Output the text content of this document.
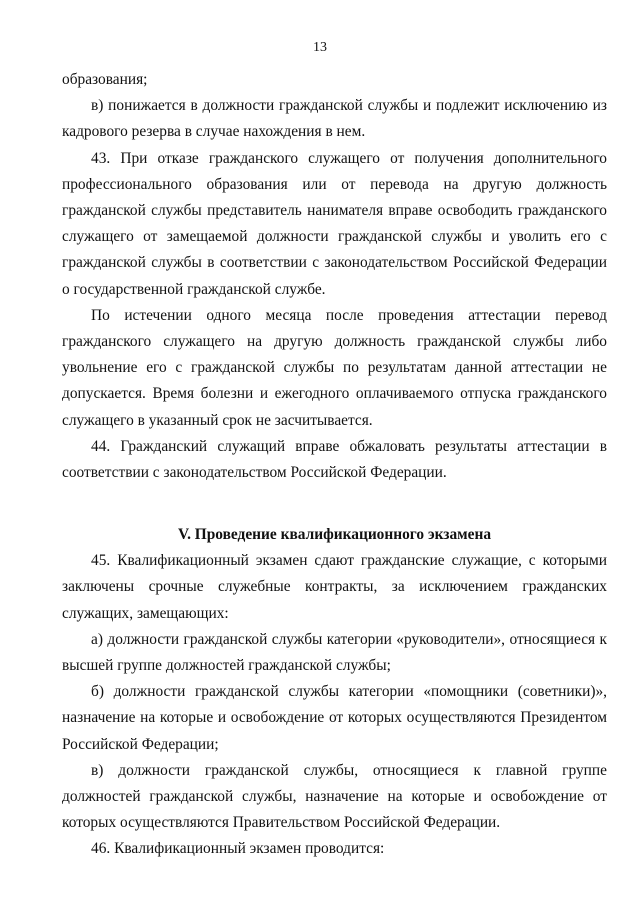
13

образования;

в) понижается в должности гражданской службы и подлежит исключению из кадрового резерва в случае нахождения в нем.

43. При отказе гражданского служащего от получения дополнительного профессионального образования или от перевода на другую должность гражданской службы представитель нанимателя вправе освободить гражданского служащего от замещаемой должности гражданской службы и уволить его с гражданской службы в соответствии с законодательством Российской Федерации о государственной гражданской службе.

По истечении одного месяца после проведения аттестации перевод гражданского служащего на другую должность гражданской службы либо увольнение его с гражданской службы по результатам данной аттестации не допускается. Время болезни и ежегодного оплачиваемого отпуска гражданского служащего в указанный срок не засчитывается.

44. Гражданский служащий вправе обжаловать результаты аттестации в соответствии с законодательством Российской Федерации.

V. Проведение квалификационного экзамена

45. Квалификационный экзамен сдают гражданские служащие, с которыми заключены срочные служебные контракты, за исключением гражданских служащих, замещающих:

а) должности гражданской службы категории «руководители», относящиеся к высшей группе должностей гражданской службы;

б) должности гражданской службы категории «помощники (советники)», назначение на которые и освобождение от которых осуществляются Президентом Российской Федерации;

в) должности гражданской службы, относящиеся к главной группе должностей гражданской службы, назначение на которые и освобождение от которых осуществляются Правительством Российской Федерации.

46. Квалификационный экзамен проводится:
